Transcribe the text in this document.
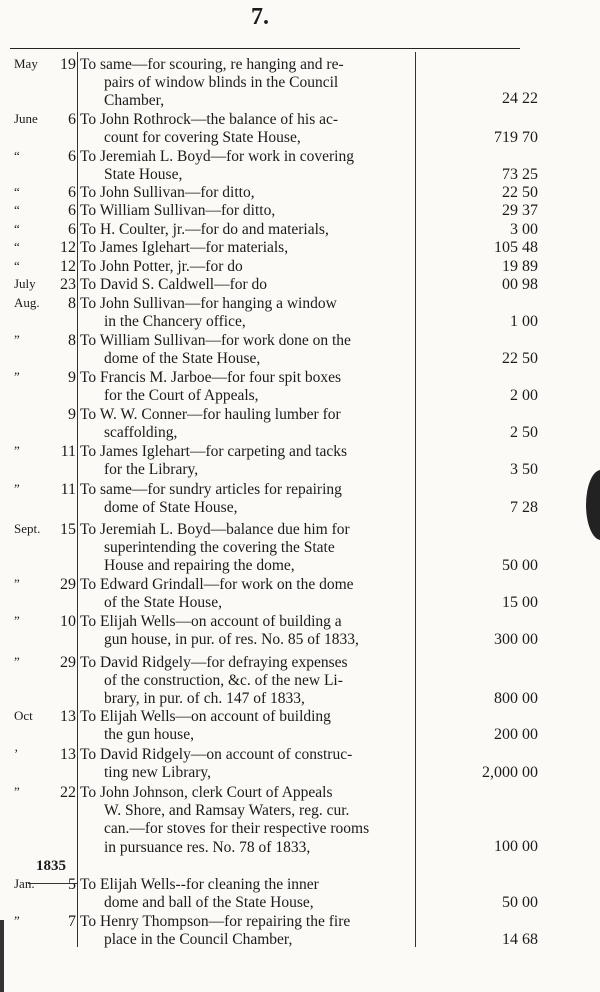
7.
May	19 To same—for scouring, re hanging and re-
pairs of window blinds in the Council
Chamber,	24 22
June	6 To John Rothrock—the balance of his ac-
count for covering State House,	719 70
“	6 To Jeremiah L. Boyd—for work in covering
State House,	73 25
“	6 To John Sullivan—for ditto,	22 50
“	6 To William Sullivan—for ditto,	29 37
“	6 To H. Coulter, jr.—for do and materials,	3 00
“	12 To James Iglehart—for materials,	105 48
“	12 To John Potter, jr.—for do	19 89
July	23 To David S. Caldwell—for do	00 98
Aug.	8 To John Sullivan—for hanging a window
in the Chancery office,	1 00
”	8 To William Sullivan—for work done on the
dome of the State House,	22 50
”	9 To Francis M. Jarboe—for four spit boxes
for the Court of Appeals,	2 00
9 To W. W. Conner—for hauling lumber for
scaffolding,	2 50
”	11 To James Iglehart—for carpeting and tacks
for the Library,	3 50
”	11 To same—for sundry articles for repairing
dome of State House,	7 28
Sept.	15 To Jeremiah L. Boyd—balance due him for
superintending the covering the State
House and repairing the dome,	50 00
”	29 To Edward Grindall—for work on the dome
of the State House,	15 00
”	10 To Elijah Wells—on account of building a
gun house, in pur. of res. No. 85 of 1833,	300 00
”	29 To David Ridgely—for defraying expenses
of the construction, &c. of the new Li-
brary, in pur. of ch. 147 of 1833,	800 00
Oct	13 To Elijah Wells—on account of building
the gun house,	200 00
’	13 To David Ridgely—on account of construc-
ting new Library,	2,000 00
”	22 To John Johnson, clerk Court of Appeals
W. Shore, and Ramsay Waters, reg. cur.
can.—for stoves for their respective rooms
in pursuance res. No. 78 of 1833,	100 00
Jan.	5 To Elijah Wells--for cleaning the inner
dome and ball of the State House,	50 00
”	7 To Henry Thompson—for repairing the fire
place in the Council Chamber,	14 68
1835
